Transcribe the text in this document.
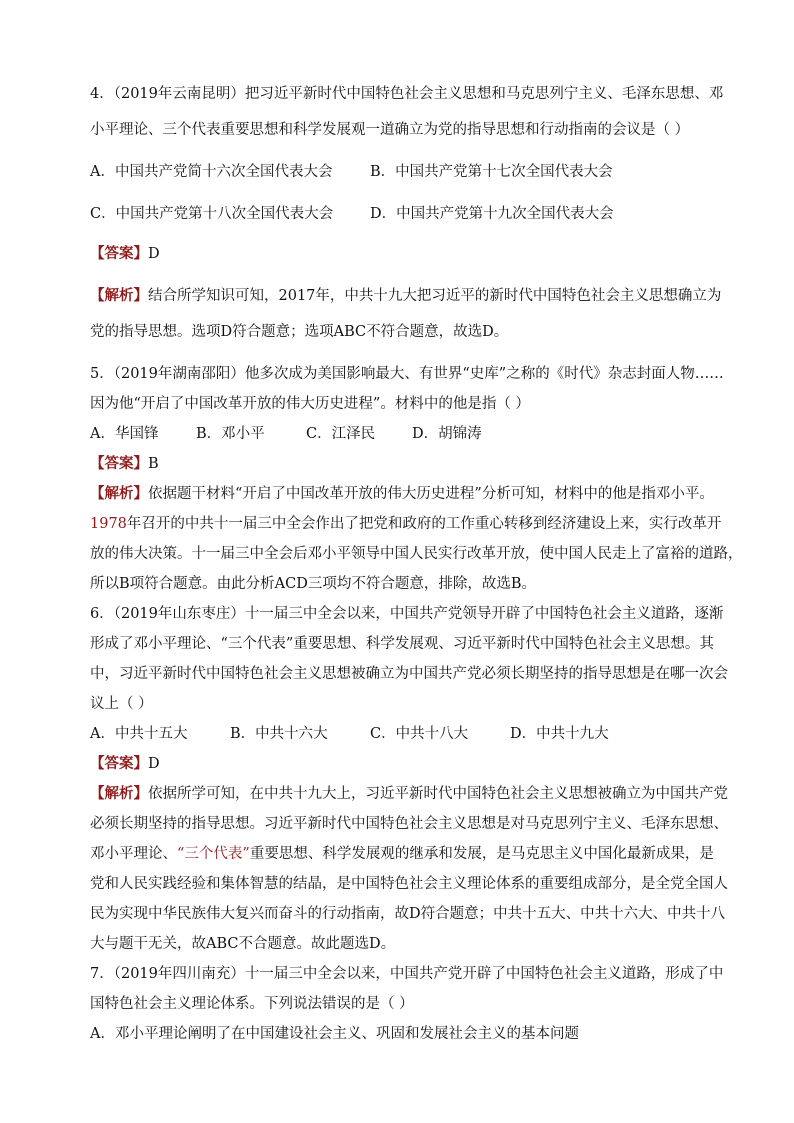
4．（2019年云南昆明）把习近平新时代中国特色社会主义思想和马克思列宁主义、毛泽东思想、邓
小平理论、三个代表重要思想和科学发展观一道确立为党的指导思想和行动指南的会议是（ ）
A．中国共产党简十六次全国代表大会	B．中国共产党第十七次全国代表大会
C．中国共产党第十八次全国代表大会	D．中国共产党第十九次全国代表大会
【答案】D
【解析】结合所学知识可知，2017年，中共十九大把习近平的新时代中国特色社会主义思想确立为
党的指导思想。选项D符合题意；选项ABC不符合题意，故选D。
5．（2019年湖南邵阳）他多次成为美国影响最大、有世界“史库”之称的《时代》杂志封面人物……
因为他“开启了中国改革开放的伟大历史进程”。材料中的他是指（ ）
A．华国锋	B．邓小平	C．江泽民	D．胡锦涛
【答案】B
【解析】依据题干材料“开启了中国改革开放的伟大历史进程”分析可知，材料中的他是指邓小平。
1978年召开的中共十一届三中全会作出了把党和政府的工作重心转移到经济建设上来，实行改革开
放的伟大决策。十一届三中全会后邓小平领导中国人民实行改革开放，使中国人民走上了富裕的道路，
所以B项符合题意。由此分析ACD三项均不符合题意，排除，故选B。
6．（2019年山东枣庄）十一届三中全会以来，中国共产党领导开辟了中国特色社会主义道路，逐渐
形成了邓小平理论、“三个代表”重要思想、科学发展观、习近平新时代中国特色社会主义思想。其
中，习近平新时代中国特色社会主义思想被确立为中国共产党必须长期坚持的指导思想是在哪一次会
议上（ ）
A．中共十五大	B．中共十六大	C．中共十八大	D．中共十九大
【答案】D
【解析】依据所学可知，在中共十九大上，习近平新时代中国特色社会主义思想被确立为中国共产党
必须长期坚持的指导思想。习近平新时代中国特色社会主义思想是对马克思列宁主义、毛泽东思想、
邓小平理论、“三个代表”重要思想、科学发展观的继承和发展，是马克思主义中国化最新成果，是
党和人民实践经验和集体智慧的结晶，是中国特色社会主义理论体系的重要组成部分，是全党全国人
民为实现中华民族伟大复兴而奋斗的行动指南，故D符合题意；中共十五大、中共十六大、中共十八
大与题干无关，故ABC不合题意。故此题选D。
7．（2019年四川南充）十一届三中全会以来，中国共产党开辟了中国特色社会主义道路，形成了中
国特色社会主义理论体系。下列说法错误的是（ ）
A．邓小平理论阐明了在中国建设社会主义、巩固和发展社会主义的基本问题
